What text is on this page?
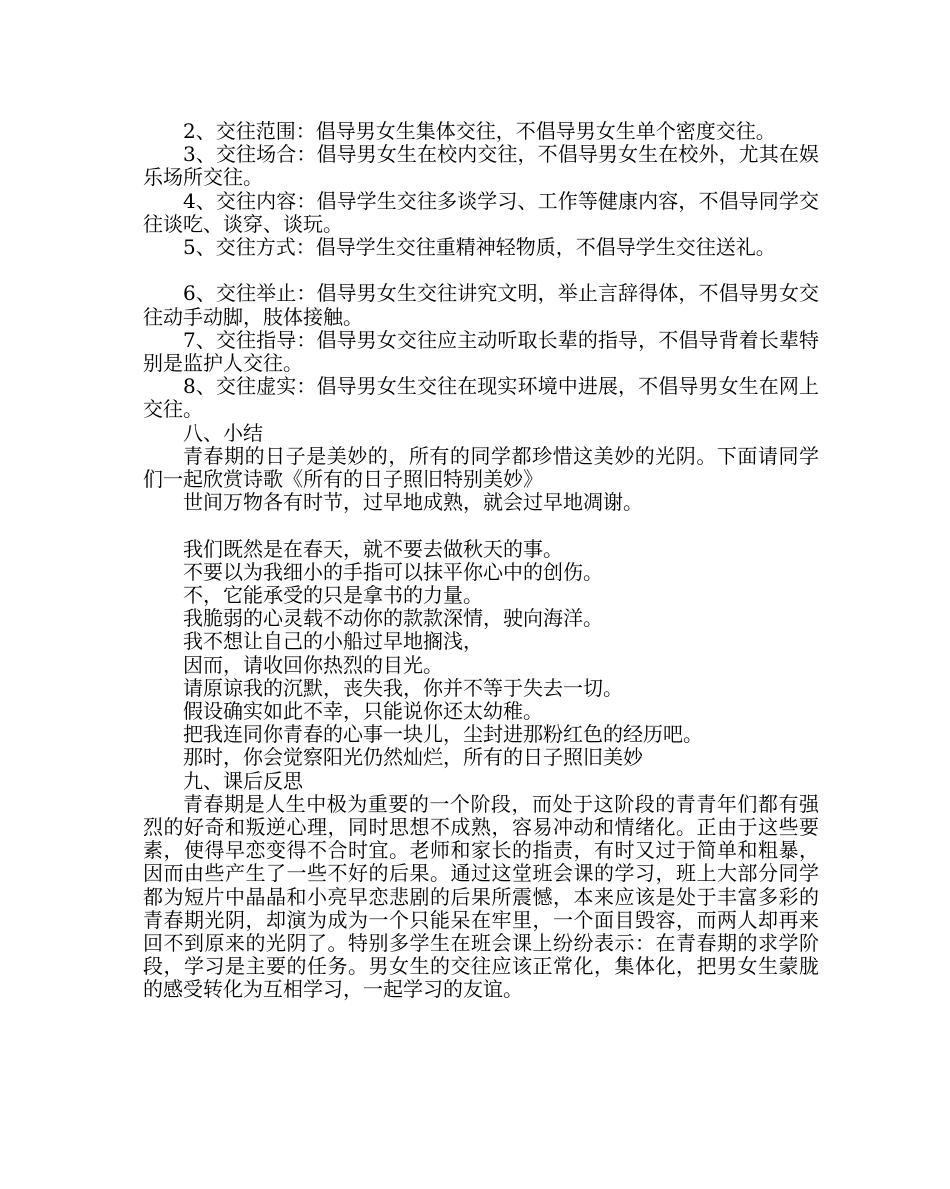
2、交往范围：倡导男女生集体交往，不倡导男女生单个密度交往。

3、交往场合：倡导男女生在校内交往，不倡导男女生在校外，尤其在娱乐场所交往。

4、交往内容：倡导学生交往多谈学习、工作等健康内容，不倡导同学交往谈吃、谈穿、谈玩。

5、交往方式：倡导学生交往重精神轻物质，不倡导学生交往送礼。

6、交往举止：倡导男女生交往讲究文明，举止言辞得体，不倡导男女交往动手动脚，肢体接触。

7、交往指导：倡导男女交往应主动听取长辈的指导，不倡导背着长辈特别是监护人交往。

8、交往虚实：倡导男女生交往在现实环境中进展，不倡导男女生在网上交往。

八、小结

青春期的日子是美妙的，所有的同学都珍惜这美妙的光阴。下面请同学们一起欣赏诗歌《所有的日子照旧特别美妙》

世间万物各有时节，过早地成熟，就会过早地凋谢。

我们既然是在春天，就不要去做秋天的事。

不要以为我细小的手指可以抹平你心中的创伤。

不，它能承受的只是拿书的力量。

我脆弱的心灵载不动你的款款深情，驶向海洋。

我不想让自己的小船过早地搁浅，

因而，请收回你热烈的目光。

请原谅我的沉默，丧失我，你并不等于失去一切。

假设确实如此不幸，只能说你还太幼稚。

把我连同你青春的心事一块儿，尘封进那粉红色的经历吧。

那时，你会觉察阳光仍然灿烂，所有的日子照旧美妙

九、课后反思

青春期是人生中极为重要的一个阶段，而处于这阶段的青青年们都有强烈的好奇和叛逆心理，同时思想不成熟，容易冲动和情绪化。正由于这些要素，使得早恋变得不合时宜。老师和家长的指责，有时又过于简单和粗暴，因而由些产生了一些不好的后果。通过这堂班会课的学习，班上大部分同学都为短片中晶晶和小亮早恋悲剧的后果所震憾，本来应该是处于丰富多彩的青春期光阴，却演为成为一个只能呆在牢里，一个面目毁容，而两人却再来回不到原来的光阴了。特别多学生在班会课上纷纷表示：在青春期的求学阶段，学习是主要的任务。男女生的交往应该正常化，集体化，把男女生蒙胧的感受转化为互相学习，一起学习的友谊。
